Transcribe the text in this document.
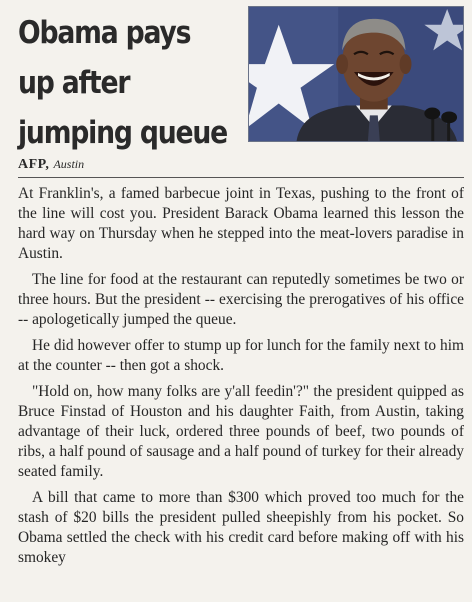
Obama pays
up after
jumping queue
AFP, Austin

At Franklin's, a famed barbecue joint in Texas, pushing to the front of the line will cost you. President Barack Obama learned this lesson the hard way on Thursday when he stepped into the meat-lovers paradise in Austin.

The line for food at the restaurant can reputedly sometimes be two or three hours. But the president -- exercising the prerogatives of his office -- apologetically jumped the queue.

He did however offer to stump up for lunch for the family next to him at the counter -- then got a shock.

"Hold on, how many folks are y'all feedin'?" the president quipped as Bruce Finstad of Houston and his daughter Faith, from Austin, taking advantage of their luck, ordered three pounds of beef, two pounds of ribs, a half pound of sausage and a half pound of turkey for their already seated family.

A bill that came to more than $300 which proved too much for the stash of $20 bills the president pulled sheepishly from his pocket. So Obama settled the check with his credit card before making off with his smokey
